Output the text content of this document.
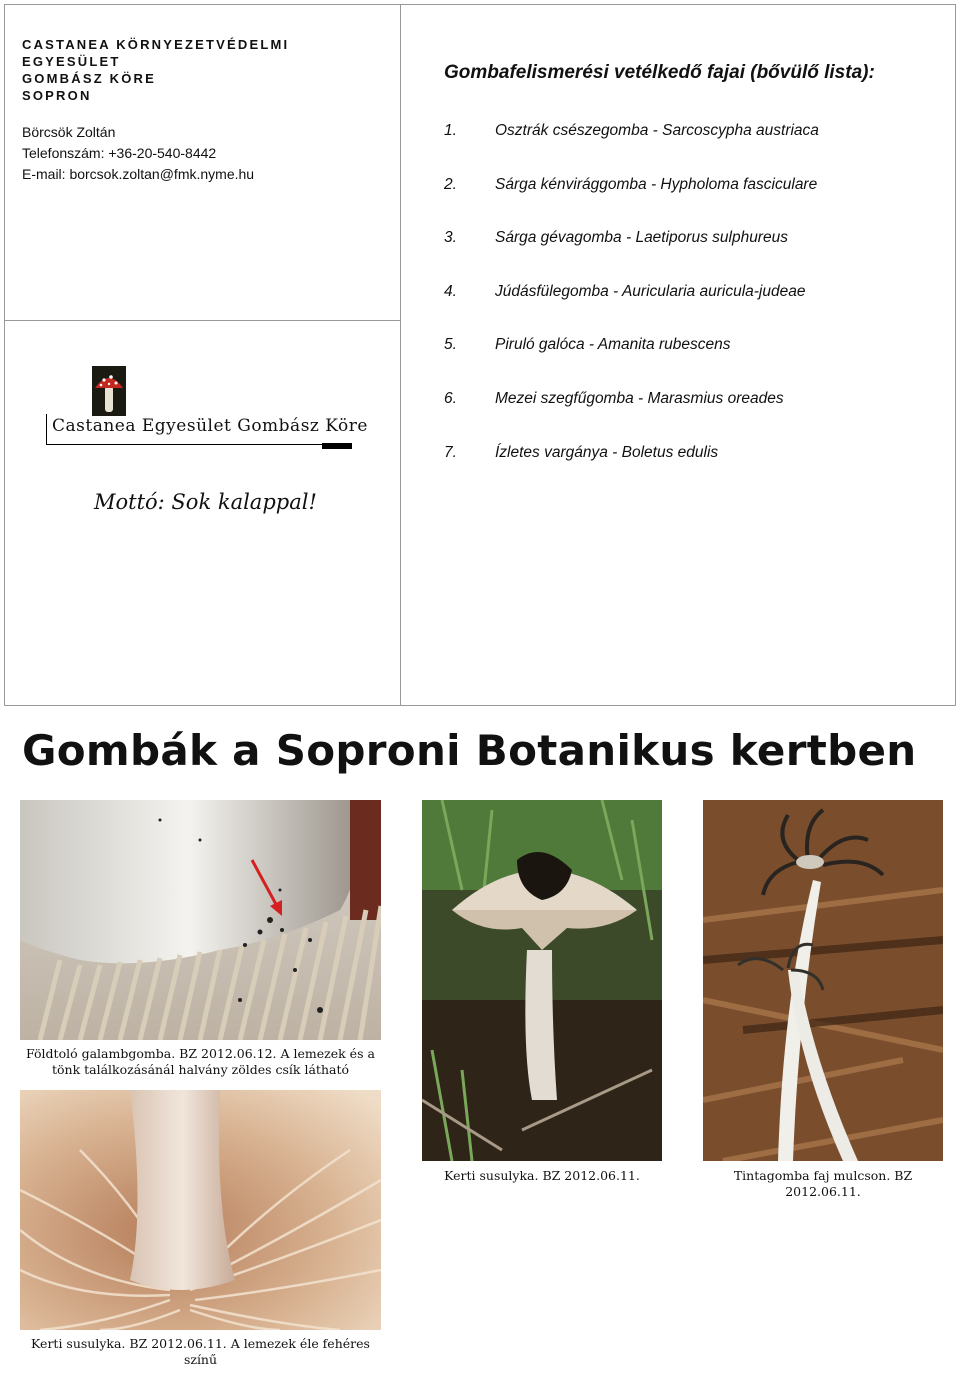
CASTANEA KÖRNYEZETVÉDELMI
EGYESÜLET
GOMBÁSZ KÖRE
SOPRON
Börcsök Zoltán
Telefonszám: +36-20-540-8442
E-mail: borcsok.zoltan@fmk.nyme.hu
Castanea Egyesület Gombász Köre
Mottó: Sok kalappal!
Gombafelismerési vetélkedő fajai (bővülő lista):
1.	Osztrák csészegomba - Sarcoscypha austriaca
2.	Sárga kénvirággomba - Hypholoma fasciculare
3.	Sárga gévagomba - Laetiporus sulphureus
4.	Júdásfülegomba - Auricularia auricula-judeae
5.	Piruló galóca - Amanita rubescens
6.	Mezei szegfűgomba - Marasmius oreades
7.	Ízletes vargánya - Boletus edulis
Gombák a Soproni Botanikus kertben
Földtoló galambgomba. BZ 2012.06.12. A lemezek és a tönk találkozásánál halvány zöldes csík látható
Kerti susulyka. BZ 2012.06.11. A lemezek éle fehéres színű
Kerti susulyka. BZ 2012.06.11.	Tintagomba faj mulcson. BZ 2012.06.11.
